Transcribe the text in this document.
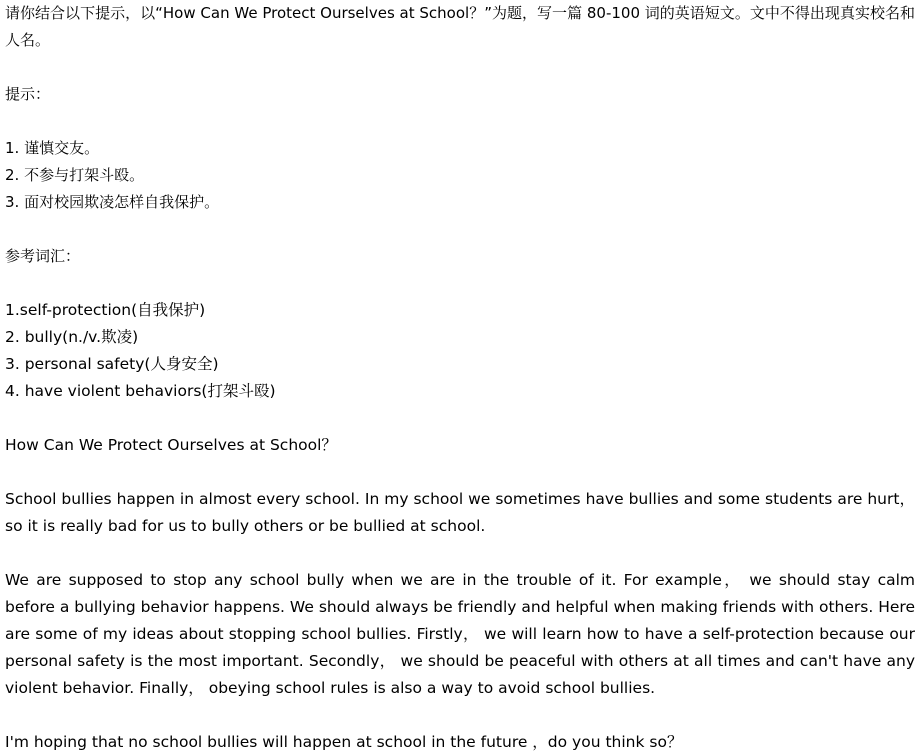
请你结合以下提示，以“How Can We Protect Ourselves at School？”为题，写一篇 80-100 词的英语短文。文中不得出现真实校名和人名。
提示：
1. 谨慎交友。
2. 不参与打架斗殴。
3. 面对校园欺凌怎样自我保护。
参考词汇：
1.self-protection(自我保护)
2. bully(n./v.欺凌)
3. personal safety(人身安全)
4. have violent behaviors(打架斗殴)
How Can We Protect Ourselves at School？
School bullies happen in almost every school. In my school we sometimes have bullies and some students are hurt， so it is really bad for us to bully others or be bullied at school.
We are supposed to stop any school bully when we are in the trouble of it. For example， we should stay calm before a bullying behavior happens. We should always be friendly and helpful when making friends with others. Here are some of my ideas about stopping school bullies. Firstly， we will learn how to have a self-protection because our personal safety is the most important. Secondly， we should be peaceful with others at all times and can't have any violent behavior. Finally， obeying school rules is also a way to avoid school bullies.
I'm hoping that no school bullies will happen at school in the future ，do you think so？
